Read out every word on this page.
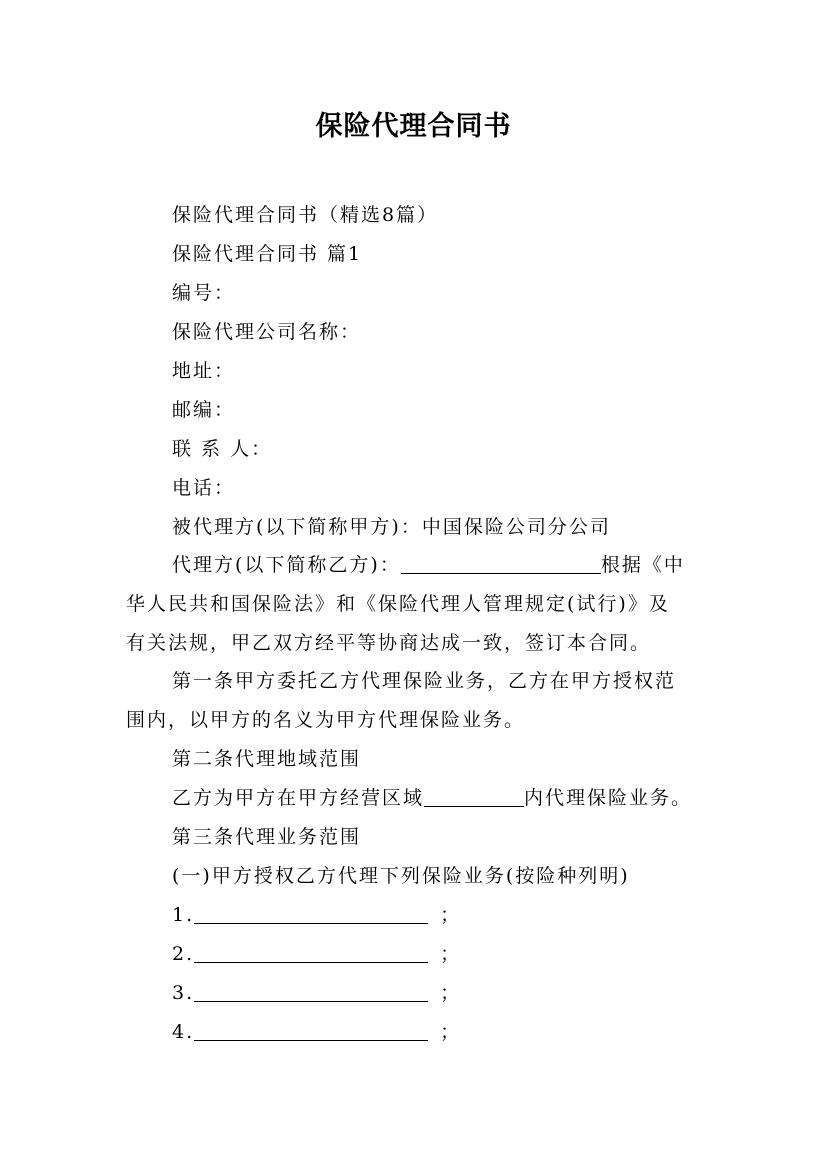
保险代理合同书

保险代理合同书（精选8篇）

保险代理合同书 篇1

编号：

保险代理公司名称：

地址：

邮编：

联 系 人：

电话：

被代理方(以下简称甲方)：中国保险公司分公司

代理方(以下简称乙方)：	根据《中

华人民共和国保险法》和《保险代理人管理规定(试行)》及

有关法规，甲乙双方经平等协商达成一致，签订本合同。

第一条甲方委托乙方代理保险业务，乙方在甲方授权范

围内，以甲方的名义为甲方代理保险业务。

第二条代理地域范围

乙方为甲方在甲方经营区域	内代理保险业务。

第三条代理业务范围

(一)甲方授权乙方代理下列保险业务(按险种列明)

1.	；

2.	；

3.	；

4.	；
